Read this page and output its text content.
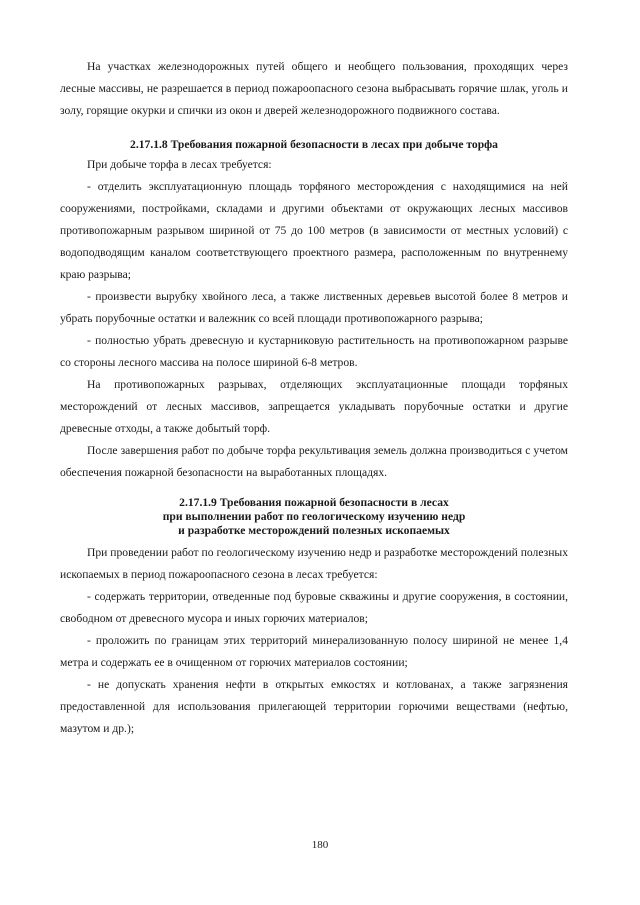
На участках железнодорожных путей общего и необщего пользования, проходящих через лесные массивы, не разрешается в период пожароопасного сезона выбрасывать горячие шлак, уголь и золу, горящие окурки и спички из окон и дверей железнодорожного подвижного состава.

2.17.1.8 Требования пожарной безопасности в лесах при добыче торфа

При добыче торфа в лесах требуется:

- отделить эксплуатационную площадь торфяного месторождения с находящимися на ней сооружениями, постройками, складами и другими объектами от окружающих лесных массивов противопожарным разрывом шириной от 75 до 100 метров (в зависимости от местных условий) с водоподводящим каналом соответствующего проектного размера, расположенным по внутреннему краю разрыва;

- произвести вырубку хвойного леса, а также лиственных деревьев высотой более 8 метров и убрать порубочные остатки и валежник со всей площади противопожарного разрыва;

- полностью убрать древесную и кустарниковую растительность на противопожарном разрыве со стороны лесного массива на полосе шириной 6-8 метров.

На противопожарных разрывах, отделяющих эксплуатационные площади торфяных месторождений от лесных массивов, запрещается укладывать порубочные остатки и другие древесные отходы, а также добытый торф.

После завершения работ по добыче торфа рекультивация земель должна производиться с учетом обеспечения пожарной безопасности на выработанных площадях.

2.17.1.9 Требования пожарной безопасности в лесах
при выполнении работ по геологическому изучению недр
и разработке месторождений полезных ископаемых

При проведении работ по геологическому изучению недр и разработке месторождений полезных ископаемых в период пожароопасного сезона в лесах требуется:

- содержать территории, отведенные под буровые скважины и другие сооружения, в состоянии, свободном от древесного мусора и иных горючих материалов;

- проложить по границам этих территорий минерализованную полосу шириной не менее 1,4 метра и содержать ее в очищенном от горючих материалов состоянии;

- не допускать хранения нефти в открытых емкостях и котлованах, а также загрязнения предоставленной для использования прилегающей территории горючими веществами (нефтью, мазутом и др.);

180
